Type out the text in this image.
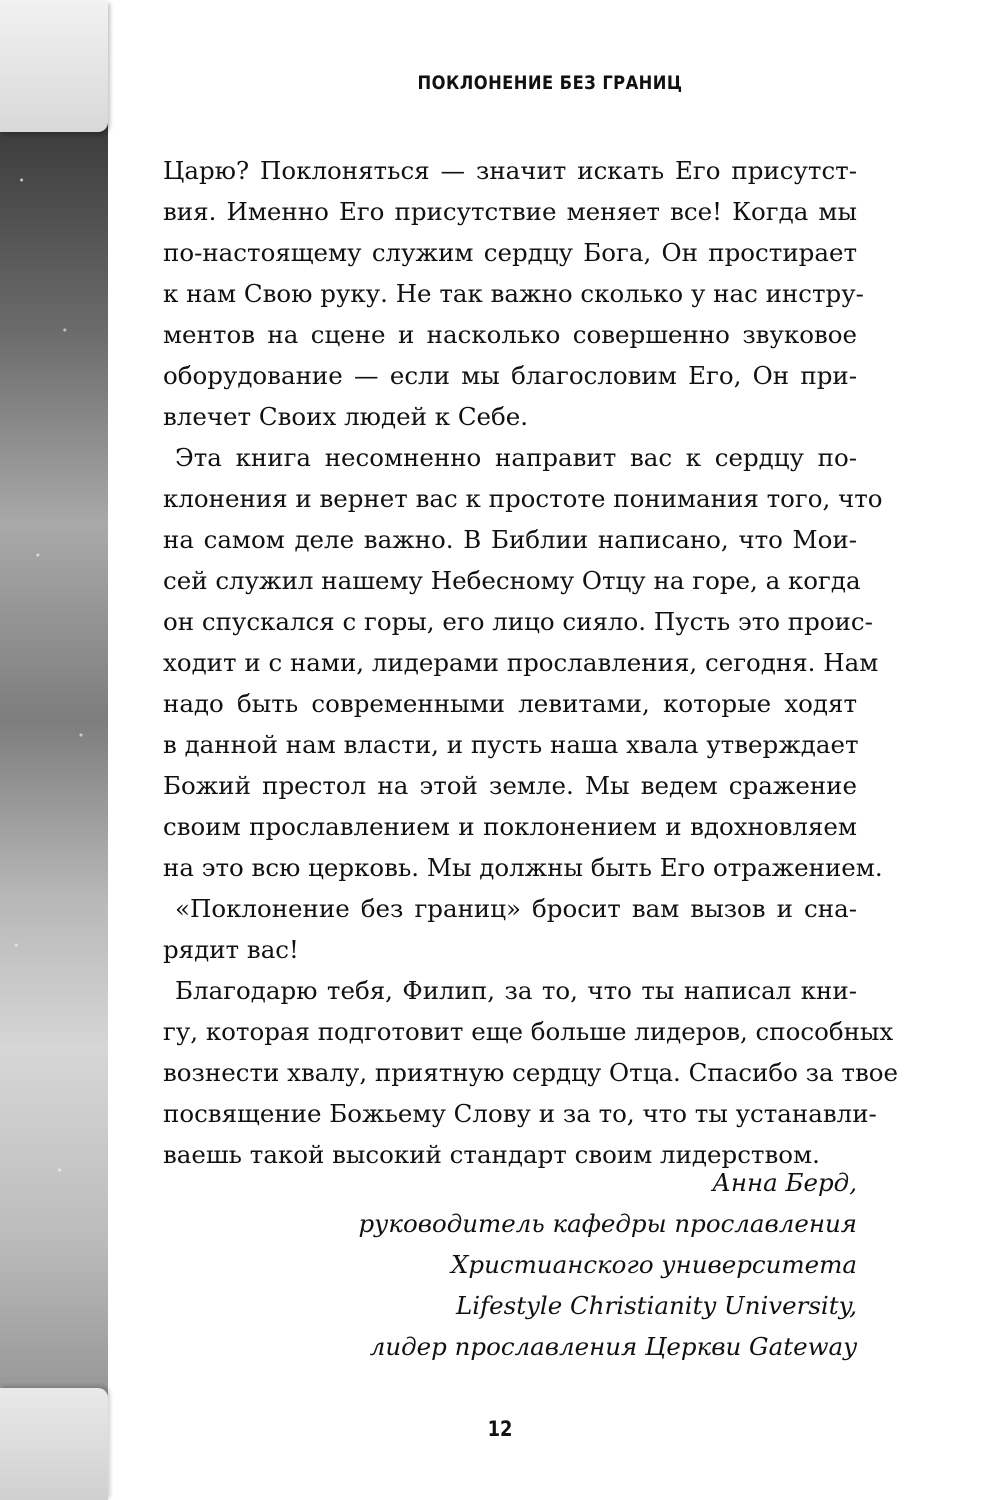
ПОКЛОНЕНИЕ БЕЗ ГРАНИЦ
Царю? Поклоняться — значит искать Его присутст-
вия. Именно Его присутствие меняет все! Когда мы
по-настоящему служим сердцу Бога, Он простирает
к нам Свою руку. Не так важно сколько у нас инстру-
ментов на сцене и насколько совершенно звуковое
оборудование — если мы благословим Его, Он при-
влечет Своих людей к Себе.
Эта книга несомненно направит вас к сердцу по-
клонения и вернет вас к простоте понимания того, что
на самом деле важно. В Библии написано, что Мои-
сей служил нашему Небесному Отцу на горе, а когда
он спускался с горы, его лицо сияло. Пусть это проис-
ходит и с нами, лидерами прославления, сегодня. Нам
надо быть современными левитами, которые ходят
в данной нам власти, и пусть наша хвала утверждает
Божий престол на этой земле. Мы ведем сражение
своим прославлением и поклонением и вдохновляем
на это всю церковь. Мы должны быть Его отражением.
«Поклонение без границ» бросит вам вызов и сна-
рядит вас!
Благодарю тебя, Филип, за то, что ты написал кни-
гу, которая подготовит еще больше лидеров, способных
вознести хвалу, приятную сердцу Отца. Спасибо за твое
посвящение Божьему Слову и за то, что ты устанавли-
ваешь такой высокий стандарт своим лидерством.
Анна Берд,
руководитель кафедры прославления
Христианского университета
Lifestyle Christianity University,
лидер прославления Церкви Gateway
12
